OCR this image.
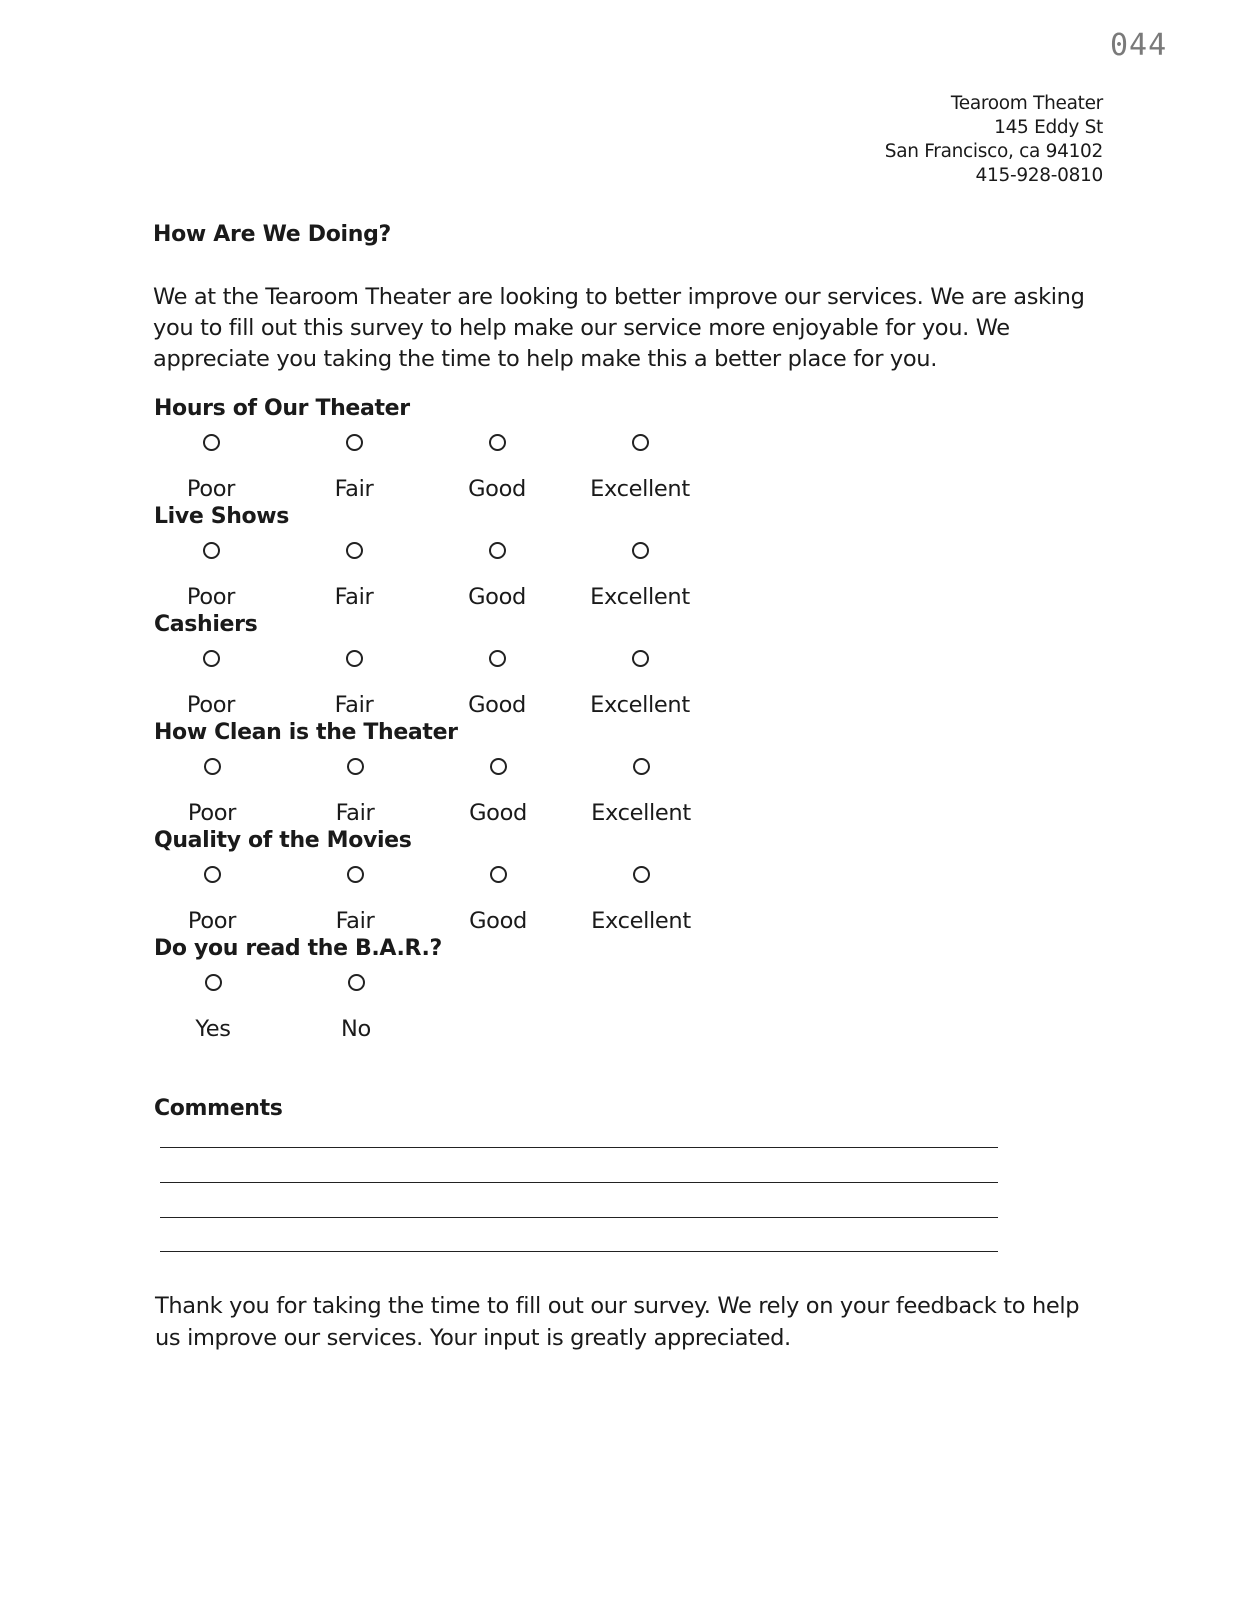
044
Tearoom Theater
145 Eddy St
San Francisco, ca 94102
415-928-0810
How Are We Doing?
We at the Tearoom Theater are looking to better improve our services. We are asking you to fill out this survey to help make our service more enjoyable for you. We appreciate you taking the time to help make this a better place for you.
Hours of Our Theater
Poor	Fair	Good	Excellent
Live Shows
Poor	Fair	Good	Excellent
Cashiers
Poor	Fair	Good	Excellent
How Clean is the Theater
Poor	Fair	Good	Excellent
Quality of the Movies
Poor	Fair	Good	Excellent
Do you read the B.A.R.?
Yes	No
Comments
Thank you for taking the time to fill out our survey. We rely on your feedback to help us improve our services. Your input is greatly appreciated.
